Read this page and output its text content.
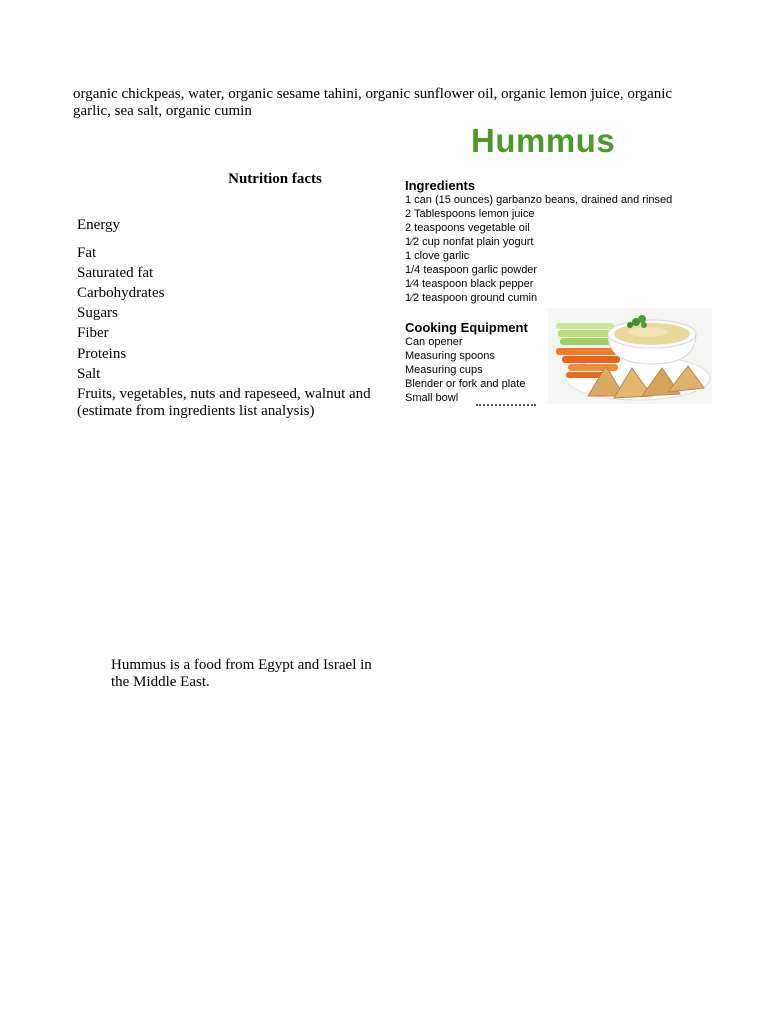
organic chickpeas, water, organic sesame tahini, organic sunflower oil, organic lemon juice, organic garlic, sea salt, organic cumin
Nutrition facts
Energy
Fat
Saturated fat
Carbohydrates
Sugars
Fiber
Proteins
Salt
Fruits, vegetables, nuts and rapeseed, walnut and (estimate from ingredients list analysis)
Hummus
Ingredients
1 can (15 ounces) garbanzo beans, drained and rinsed
2 Tablespoons lemon juice
2 teaspoons vegetable oil
1⁄2 cup nonfat plain yogurt
1 clove garlic
1/4 teaspoon garlic powder
1⁄4 teaspoon black pepper
1⁄2 teaspoon ground cumin
Cooking Equipment
Can opener
Measuring spoons
Measuring cups
Blender or fork and plate
Small bowl
Hummus is a food from Egypt and Israel in the Middle East.
